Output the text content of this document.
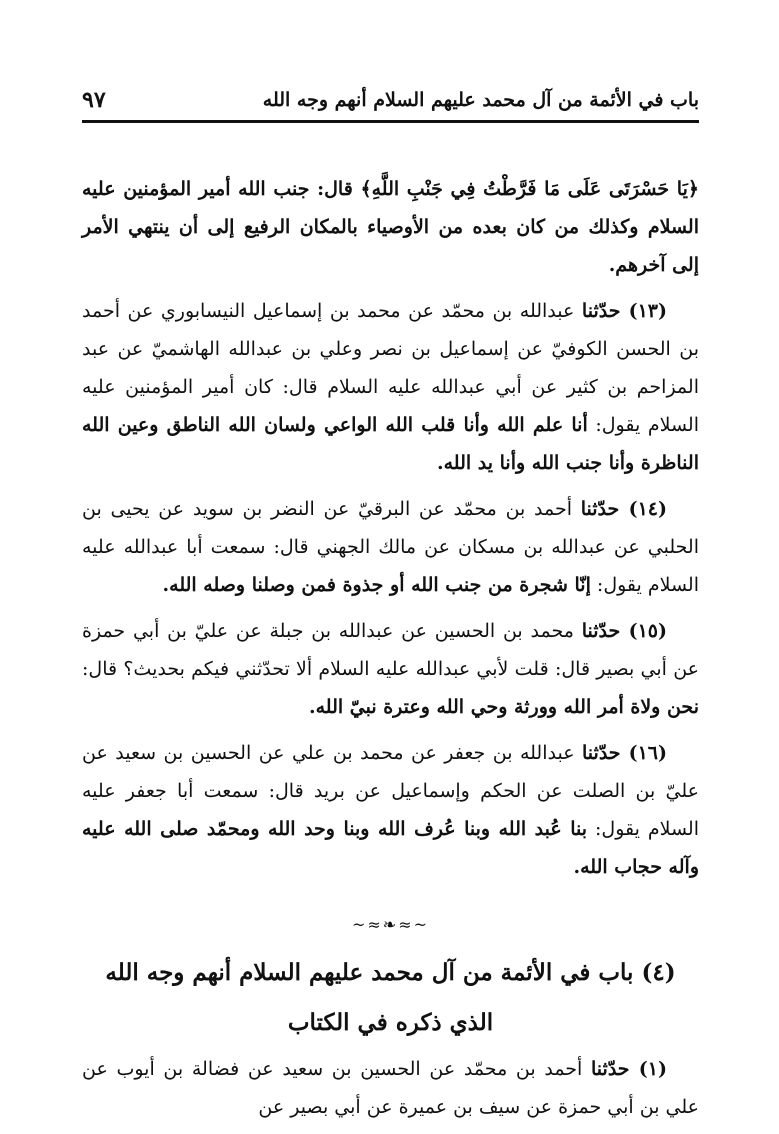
باب في الأئمة من آل محمد عليهم السلام أنهم وجه الله
٩٧

﴿يَا حَسْرَتَى عَلَى مَا فَرَّطْتُ فِي جَنْبِ اللَّهِ﴾ قال: جنب الله أمير المؤمنين عليه السلام وكذلك من كان بعده من الأوصياء بالمكان الرفيع إلى أن ينتهي الأمر إلى آخرهم.

(١٣) حدّثنا عبدالله بن محمّد عن محمد بن إسماعيل النيسابوري عن أحمد بن الحسن الكوفيّ عن إسماعيل بن نصر وعلي بن عبدالله الهاشميّ عن عبد المزاحم بن كثير عن أبي عبدالله عليه السلام قال: كان أمير المؤمنين عليه السلام يقول: أنا علم الله وأنا قلب الله الواعي ولسان الله الناطق وعين الله الناظرة وأنا جنب الله وأنا يد الله.

(١٤) حدّثنا أحمد بن محمّد عن البرقيّ عن النضر بن سويد عن يحيى بن الحلبي عن عبدالله بن مسكان عن مالك الجهني قال: سمعت أبا عبدالله عليه السلام يقول: إنّا شجرة من جنب الله أو جذوة فمن وصلنا وصله الله.

(١٥) حدّثنا محمد بن الحسين عن عبدالله بن جبلة عن عليّ بن أبي حمزة عن أبي بصير قال: قلت لأبي عبدالله عليه السلام ألا تحدّثني فيكم بحديث؟ قال: نحن ولاة أمر الله وورثة وحي الله وعترة نبيّ الله.

(١٦) حدّثنا عبدالله بن جعفر عن محمد بن علي عن الحسين بن سعيد عن عليّ بن الصلت عن الحكم وإسماعيل عن بريد قال: سمعت أبا جعفر عليه السلام يقول: بنا عُبد الله وبنا عُرف الله وبنا وحد الله ومحمّد صلى الله عليه وآله حجاب الله.

~≈❧≈~
(٤) باب في الأئمة من آل محمد عليهم السلام أنهم وجه الله
الذي ذكره في الكتاب

(١) حدّثنا أحمد بن محمّد عن الحسين بن سعيد عن فضالة بن أيوب عن علي بن أبي حمزة عن سيف بن عميرة عن أبي بصير عن
